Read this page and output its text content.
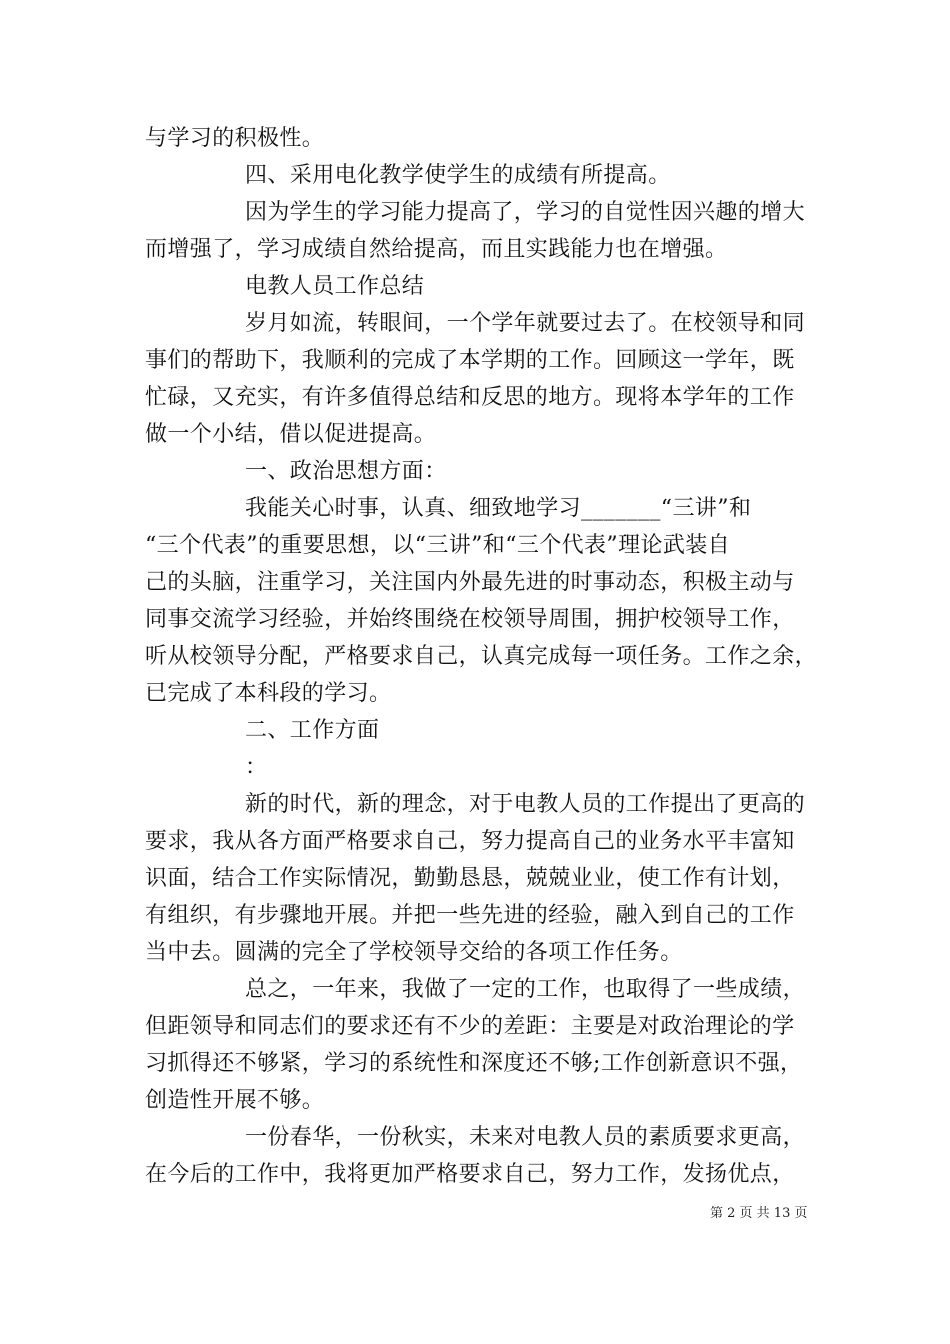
与学习的积极性。
四、采用电化教学使学生的成绩有所提高。
因为学生的学习能力提高了，学习的自觉性因兴趣的增大
而增强了，学习成绩自然给提高，而且实践能力也在增强。
电教人员工作总结
岁月如流，转眼间，一个学年就要过去了。在校领导和同
事们的帮助下，我顺利的完成了本学期的工作。回顾这一学年，既
忙碌，又充实，有许多值得总结和反思的地方。现将本学年的工作
做一个小结，借以促进提高。
一、政治思想方面：
我能关心时事，认真、细致地学习_______“三讲”和
“三个代表”的重要思想，以“三讲”和“三个代表”理论武装自
己的头脑，注重学习，关注国内外最先进的时事动态，积极主动与
同事交流学习经验，并始终围绕在校领导周围，拥护校领导工作，
听从校领导分配，严格要求自己，认真完成每一项任务。工作之余，
已完成了本科段的学习。
二、工作方面
：
新的时代，新的理念，对于电教人员的工作提出了更高的
要求，我从各方面严格要求自己，努力提高自己的业务水平丰富知
识面，结合工作实际情况，勤勤恳恳，兢兢业业，使工作有计划，
有组织，有步骤地开展。并把一些先进的经验，融入到自己的工作
当中去。圆满的完全了学校领导交给的各项工作任务。
总之，一年来，我做了一定的工作，也取得了一些成绩，
但距领导和同志们的要求还有不少的差距：主要是对政治理论的学
习抓得还不够紧，学习的系统性和深度还不够;工作创新意识不强，
创造性开展不够。
一份春华，一份秋实，未来对电教人员的素质要求更高，
在今后的工作中，我将更加严格要求自己，努力工作，发扬优点，
第 2 页 共 13 页
